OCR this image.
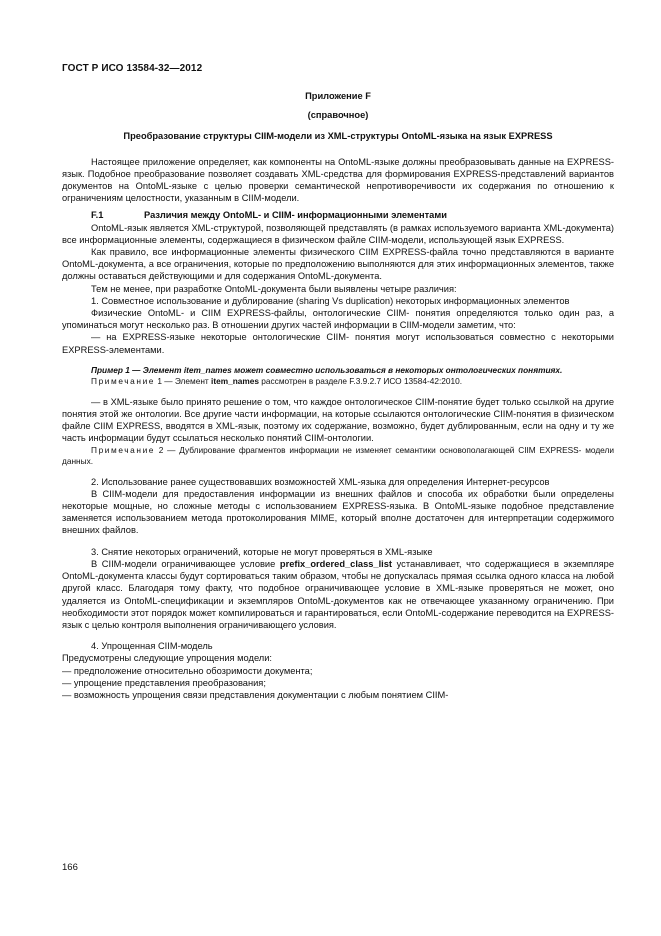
ГОСТ Р ИСО 13584-32—2012
Приложение F
(справочное)
Преобразование структуры CIIM-модели из XML-структуры OntoML-языка на язык EXPRESS

Настоящее приложение определяет, как компоненты на OntoML-языке должны преобразовывать данные на EXPRESS-язык. Подобное преобразование позволяет создавать XML-средства для формирования EXPRESS-представлений вариантов документов на OntoML-языке с целью проверки семантической непротиворечивости их содержания по отношению к ограничениям целостности, указанным в CIIM-модели.

F.1	Различия между OntoML- и CIIM- информационными элементами

OntoML-язык является XML-структурой, позволяющей представлять (в рамках используемого варианта XML-документа) все информационные элементы, содержащиеся в физическом файле CIIM-модели, использующей язык EXPRESS.

Как правило, все информационные элементы физического CIIM EXPRESS-файла точно представляются в варианте OntoML-документа, а все ограничения, которые по предположению выполняются для этих информационных элементов, также должны оставаться действующими и для содержания OntoML-документа.

Тем не менее, при разработке OntoML-документа были выявлены четыре различия:

1. Совместное использование и дублирование (sharing Vs duplication) некоторых информационных элементов

Физические OntoML- и CIIM EXPRESS-файлы, онтологические CIIM- понятия определяются только один раз, а упоминаться могут несколько раз. В отношении других частей информации в CIIM-модели заметим, что:

— на EXPRESS-языке некоторые онтологические CIIM- понятия могут использоваться совместно с некоторыми EXPRESS-элементами.

Пример 1 — Элемент item_names может совместно использоваться в некоторых онтологических понятиях.

Примечание 1 — Элемент item_names рассмотрен в разделе F.3.9.2.7 ИСО 13584-42:2010.

— в XML-языке было принято решение о том, что каждое онтологическое CIIM-понятие будет только ссылкой на другие понятия этой же онтологии. Все другие части информации, на которые ссылаются онтологические CIIM-понятия в физическом файле CIIM EXPRESS, вводятся в XML-язык, поэтому их содержание, возможно, будет дублированным, если на одну и ту же часть информации будут ссылаться несколько понятий CIIM-онтологии.

Примечание 2 — Дублирование фрагментов информации не изменяет семантики основополагающей CIIM EXPRESS- модели данных.

2. Использование ранее существовавших возможностей XML-языка для определения Интернет-ресурсов

В CIIM-модели для предоставления информации из внешних файлов и способа их обработки были определены некоторые мощные, но сложные методы с использованием EXPRESS-языка. В OntoML-языке подобное представление заменяется использованием метода протоколирования MIME, который вполне достаточен для интерпретации содержимого внешних файлов.

3. Снятие некоторых ограничений, которые не могут проверяться в XML-языке

В CIIM-модели ограничивающее условие prefix_ordered_class_list устанавливает, что содержащиеся в экземпляре OntoML-документа классы будут сортироваться таким образом, чтобы не допускалась прямая ссылка одного класса на любой другой класс. Благодаря тому факту, что подобное ограничивающее условие в XML-языке проверяться не может, оно удаляется из OntoML-спецификации и экземпляров OntoML-документов как не отвечающее указанному ограничению. При необходимости этот порядок может компилироваться и гарантироваться, если OntoML-содержание переводится на EXPRESS-язык с целью контроля выполнения ограничивающего условия.

4. Упрощенная CIIM-модель

Предусмотрены следующие упрощения модели:

— предположение относительно обозримости документа;

— упрощение представления преобразования;

— возможность упрощения связи представления документации с любым понятием CIIM-

166
